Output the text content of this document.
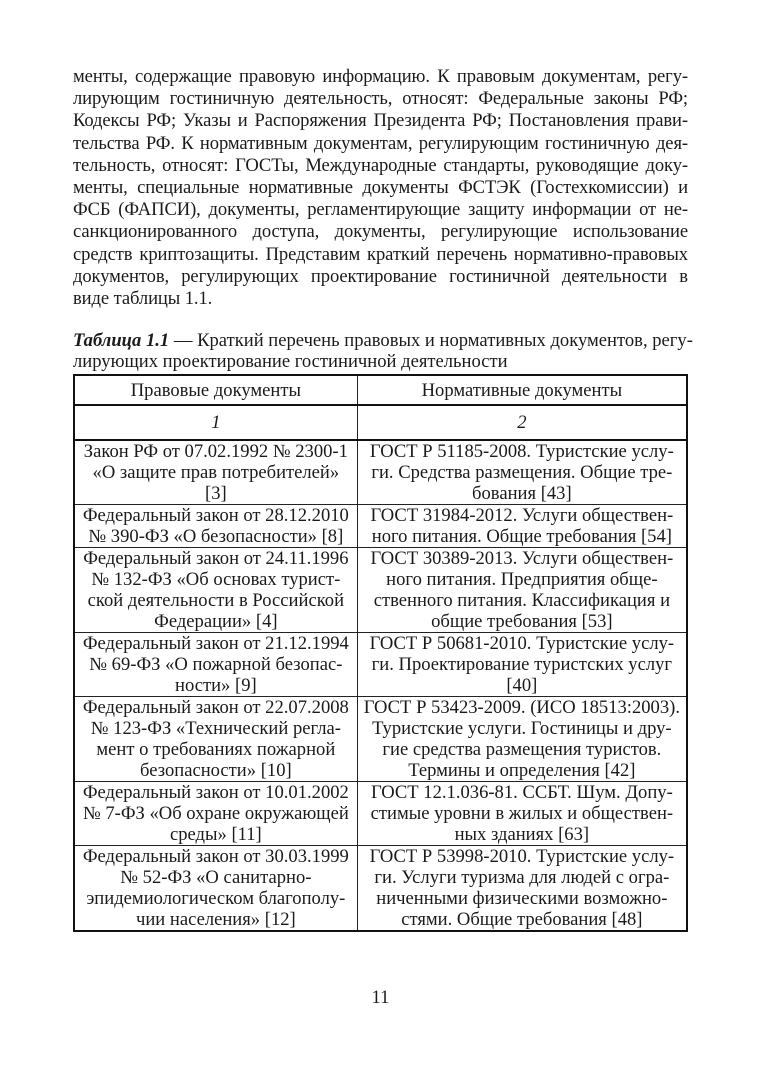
менты, содержащие правовую информацию. К правовым документам, регу-
лирующим гостиничную деятельность, относят: Федеральные законы РФ;
Кодексы РФ; Указы и Распоряжения Президента РФ; Постановления прави-
тельства РФ. К нормативным документам, регулирующим гостиничную дея-
тельность, относят: ГОСТы, Международные стандарты, руководящие доку-
менты, специальные нормативные документы ФСТЭК (Гостехкомиссии) и
ФСБ (ФАПСИ), документы, регламентирующие защиту информации от не-
санкционированного доступа, документы, регулирующие использование
средств криптозащиты. Представим краткий перечень нормативно-правовых
документов, регулирующих проектирование гостиничной деятельности в
виде таблицы 1.1.

Таблица 1.1 — Краткий перечень правовых и нормативных документов, регу-
лирующих проектирование гостиничной деятельности
Правовые документы	Нормативные документы
1	2

Закон РФ от 07.02.1992 № 2300-1
«О защите прав потребителей»
[3]	ГОСТ Р 51185-2008. Туристские услу-
ги. Средства размещения. Общие тре-
бования [43]

Федеральный закон от 28.12.2010
№ 390-ФЗ «О безопасности» [8]	ГОСТ 31984-2012. Услуги обществен-
ного питания. Общие требования [54]

Федеральный закон от 24.11.1996
№ 132-ФЗ «Об основах турист-
ской деятельности в Российской
Федерации» [4]	ГОСТ 30389-2013. Услуги обществен-
ного питания. Предприятия обще-
ственного питания. Классификация и
общие требования [53]

Федеральный закон от 21.12.1994
№ 69-ФЗ «О пожарной безопас-
ности» [9]	ГОСТ Р 50681-2010. Туристские услу-
ги. Проектирование туристских услуг
[40]

Федеральный закон от 22.07.2008
№ 123-ФЗ «Технический регла-
мент о требованиях пожарной
безопасности» [10]	ГОСТ Р 53423-2009. (ИСО 18513:2003).
Туристские услуги. Гостиницы и дру-
гие средства размещения туристов.
Термины и определения [42]

Федеральный закон от 10.01.2002
№ 7-ФЗ «Об охране окружающей
среды» [11]	ГОСТ 12.1.036-81. ССБТ. Шум. Допу-
стимые уровни в жилых и обществен-
ных зданиях [63]

Федеральный закон от 30.03.1999
№ 52-ФЗ «О санитарно-
эпидемиологическом благополу-
чии населения» [12]	ГОСТ Р 53998-2010. Туристские услу-
ги. Услуги туризма для людей с огра-
ниченными физическими возможно-
стями. Общие требования [48]
11
